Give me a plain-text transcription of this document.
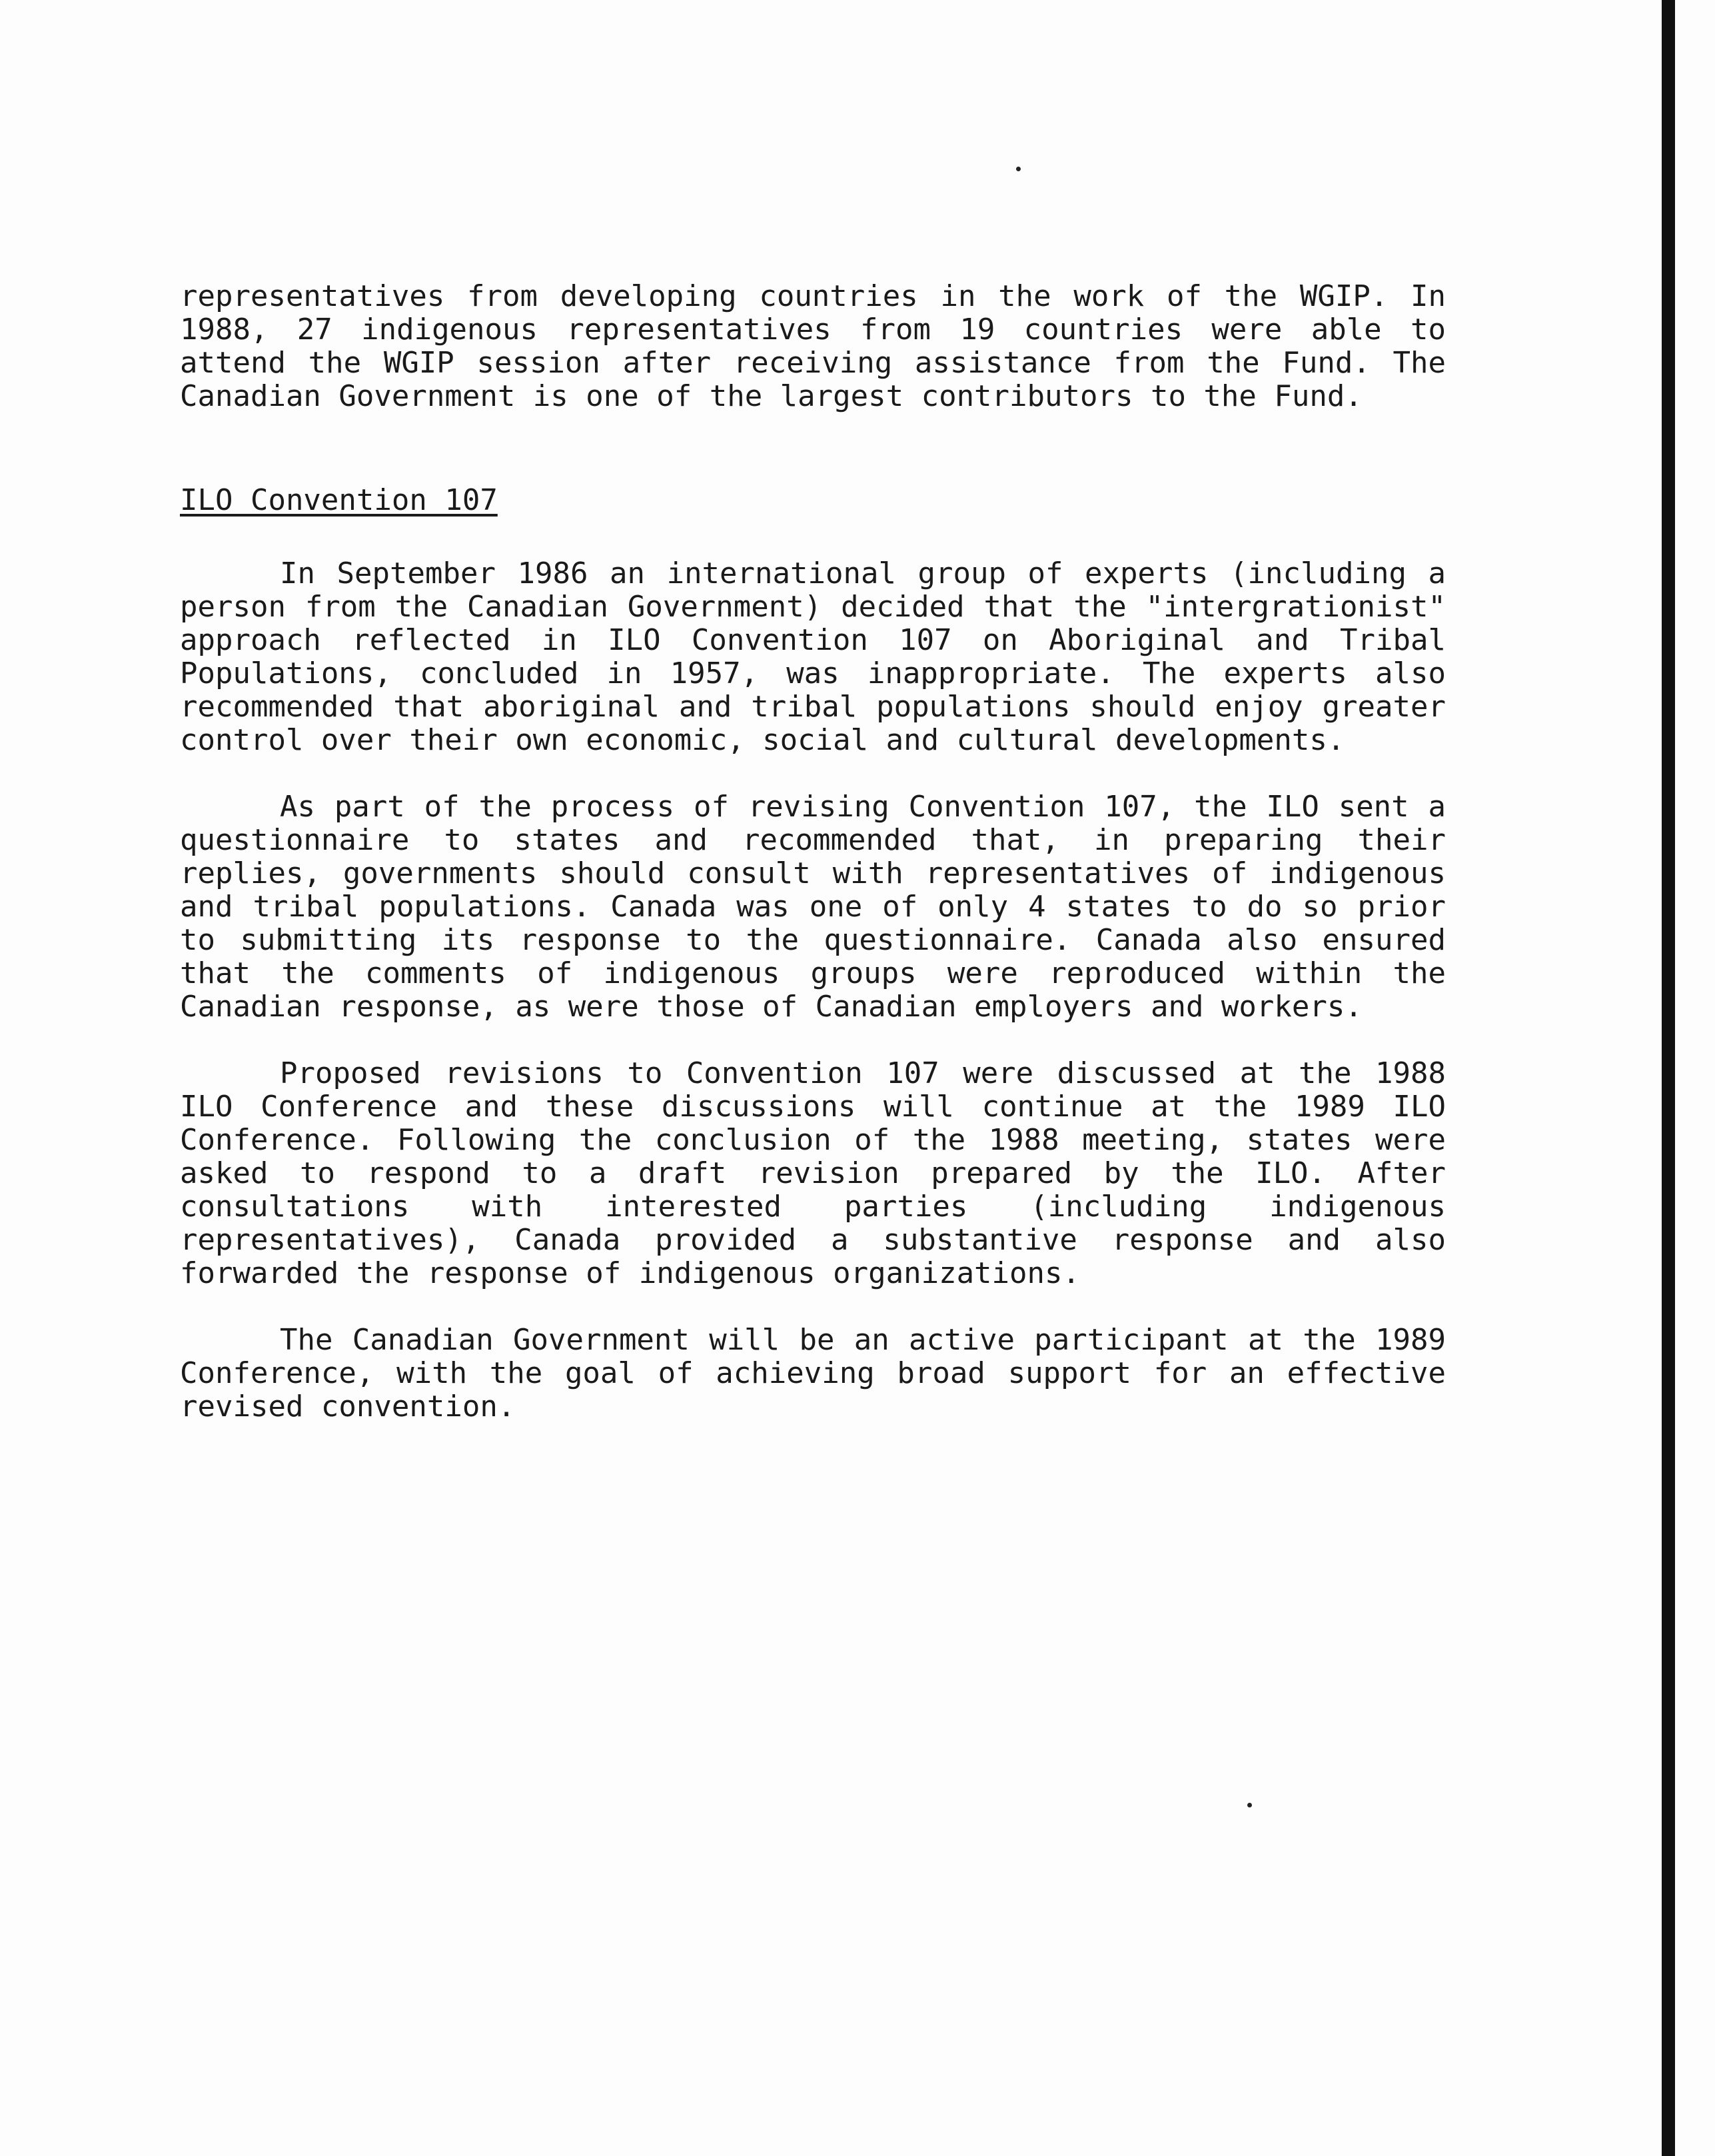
representatives from developing countries in the work of the WGIP. In 1988, 27 indigenous representatives from 19 countries were able to attend the WGIP session after receiving assistance from the Fund. The Canadian Government is one of the largest contributors to the Fund.

ILO Convention 107

In September 1986 an international group of experts (including a person from the Canadian Government) decided that the "intergrationist" approach reflected in ILO Convention 107 on Aboriginal and Tribal Populations, concluded in 1957, was inappropriate. The experts also recommended that aboriginal and tribal populations should enjoy greater control over their own economic, social and cultural developments.

As part of the process of revising Convention 107, the ILO sent a questionnaire to states and recommended that, in preparing their replies, governments should consult with representatives of indigenous and tribal populations. Canada was one of only 4 states to do so prior to submitting its response to the questionnaire. Canada also ensured that the comments of indigenous groups were reproduced within the Canadian response, as were those of Canadian employers and workers.

Proposed revisions to Convention 107 were discussed at the 1988 ILO Conference and these discussions will continue at the 1989 ILO Conference. Following the conclusion of the 1988 meeting, states were asked to respond to a draft revision prepared by the ILO. After consultations with interested parties (including indigenous representatives), Canada provided a substantive response and also forwarded the response of indigenous organizations.

The Canadian Government will be an active participant at the 1989 Conference, with the goal of achieving broad support for an effective revised convention.
